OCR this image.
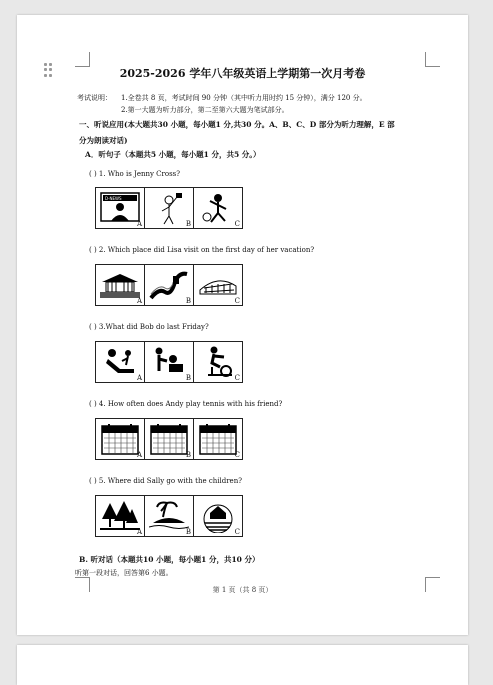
2025-2026 学年八年级英语上学期第一次月考卷
考试说明： 1.全卷共 8 页，考试时间 90 分钟（其中听力用时约 15 分钟），满分 120 分。
2.第一大题为听力部分，第二至第六大题为笔试部分。
一、听说应用(本大题共30 小题，每小题1 分,共30 分。A、B、C、D 部分为听力理解，E 部
分为朗读对话)
A．听句子（本题共5 小题，每小题1 分，共5 分。）
( ) 1. Who is Jenny Cross?
D-NEWS
A	B	C
( ) 2. Which place did Lisa visit on the first day of her vacation?
A	B	C
( ) 3.What did Bob do last Friday?
A	B	C
( ) 4. How often does Andy play tennis with his friend?
A	B	C
( ) 5. Where did Sally go with the children?
A	B	C
B. 听对话（本题共10 小题，每小题1 分，共10 分）
听第一段对话，回答第6 小题。
第 1 页（共 8 页）
